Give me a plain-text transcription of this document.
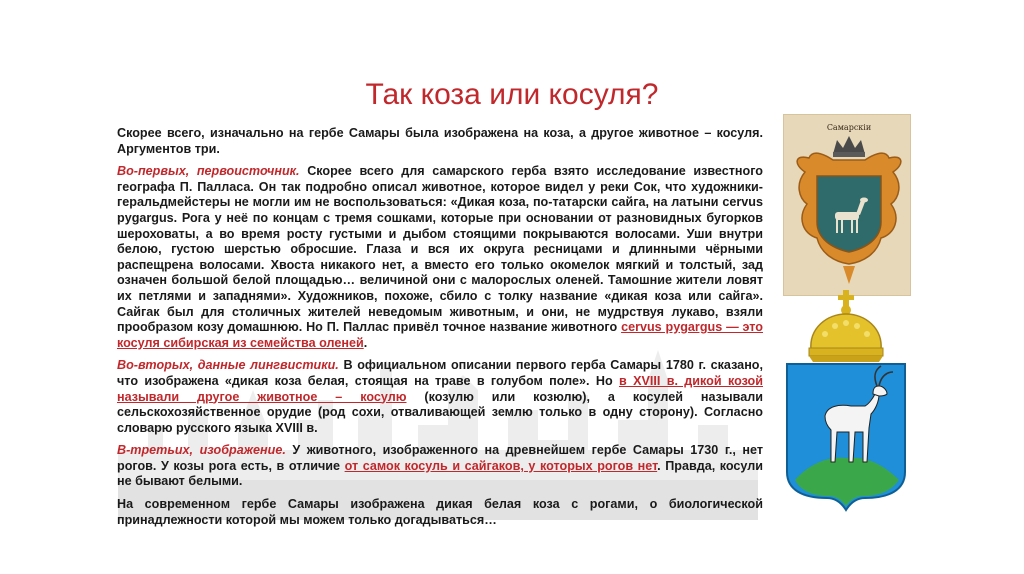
Так коза или косуля?

Скорее всего, изначально на гербе Самары была изображена на коза, а другое животное – косуля. Аргументов три.

Во-первых, первоисточник. Скорее всего для самарского герба взято исследование известного географа П. Палласа. Он так подробно описал животное, которое видел у реки Сок, что художники-геральдмейстеры не могли им не воспользоваться: «Дикая коза, по-татарски сайга, на латыни cervus pygargus. Рога у неё по концам с тремя сошками, которые при основании от разновидных бугорков шероховаты, а во время росту густыми и дыбом стоящими покрываются волосами. Уши внутри белою, густою шерстью обросшие. Глаза и вся их округа ресницами и длинными чёрными распещрена волосами. Хвоста никакого нет, а вместо его только окомелок мягкий и толстый, зад означен большой белой площадью… величиной они с малорослых оленей. Тамошние жители ловят их петлями и западнями». Художников, похоже, сбило с толку название «дикая коза или сайга». Сайгак был для столичных жителей неведомым животным, и они, не мудрствуя лукаво, взяли прообразом козу домашнюю. Но П. Паллас привёл точное название животного cervus pygargus — это косуля сибирская из семейства оленей.

Во-вторых, данные лингвистики. В официальном описании первого герба Самары 1780 г. сказано, что изображена «дикая коза белая, стоящая на траве в голубом поле». Но в XVIII в. дикой козой называли другое животное – косулю (козулю или козюлю), а косулей называли сельскохозяйственное орудие (род сохи, отваливающей землю только в одну сторону). Согласно словарю русского языка XVIII в.

В-третьих, изображение. У животного, изображенного на древнейшем гербе Самары 1730 г., нет рогов. У козы рога есть, в отличие от самок косуль и сайгаков, у которых рогов нет. Правда, косули не бывают белыми.

На современном гербе Самары изображена дикая белая коза с рогами, о биологической принадлежности которой мы можем только догадываться…

Самарскiи
